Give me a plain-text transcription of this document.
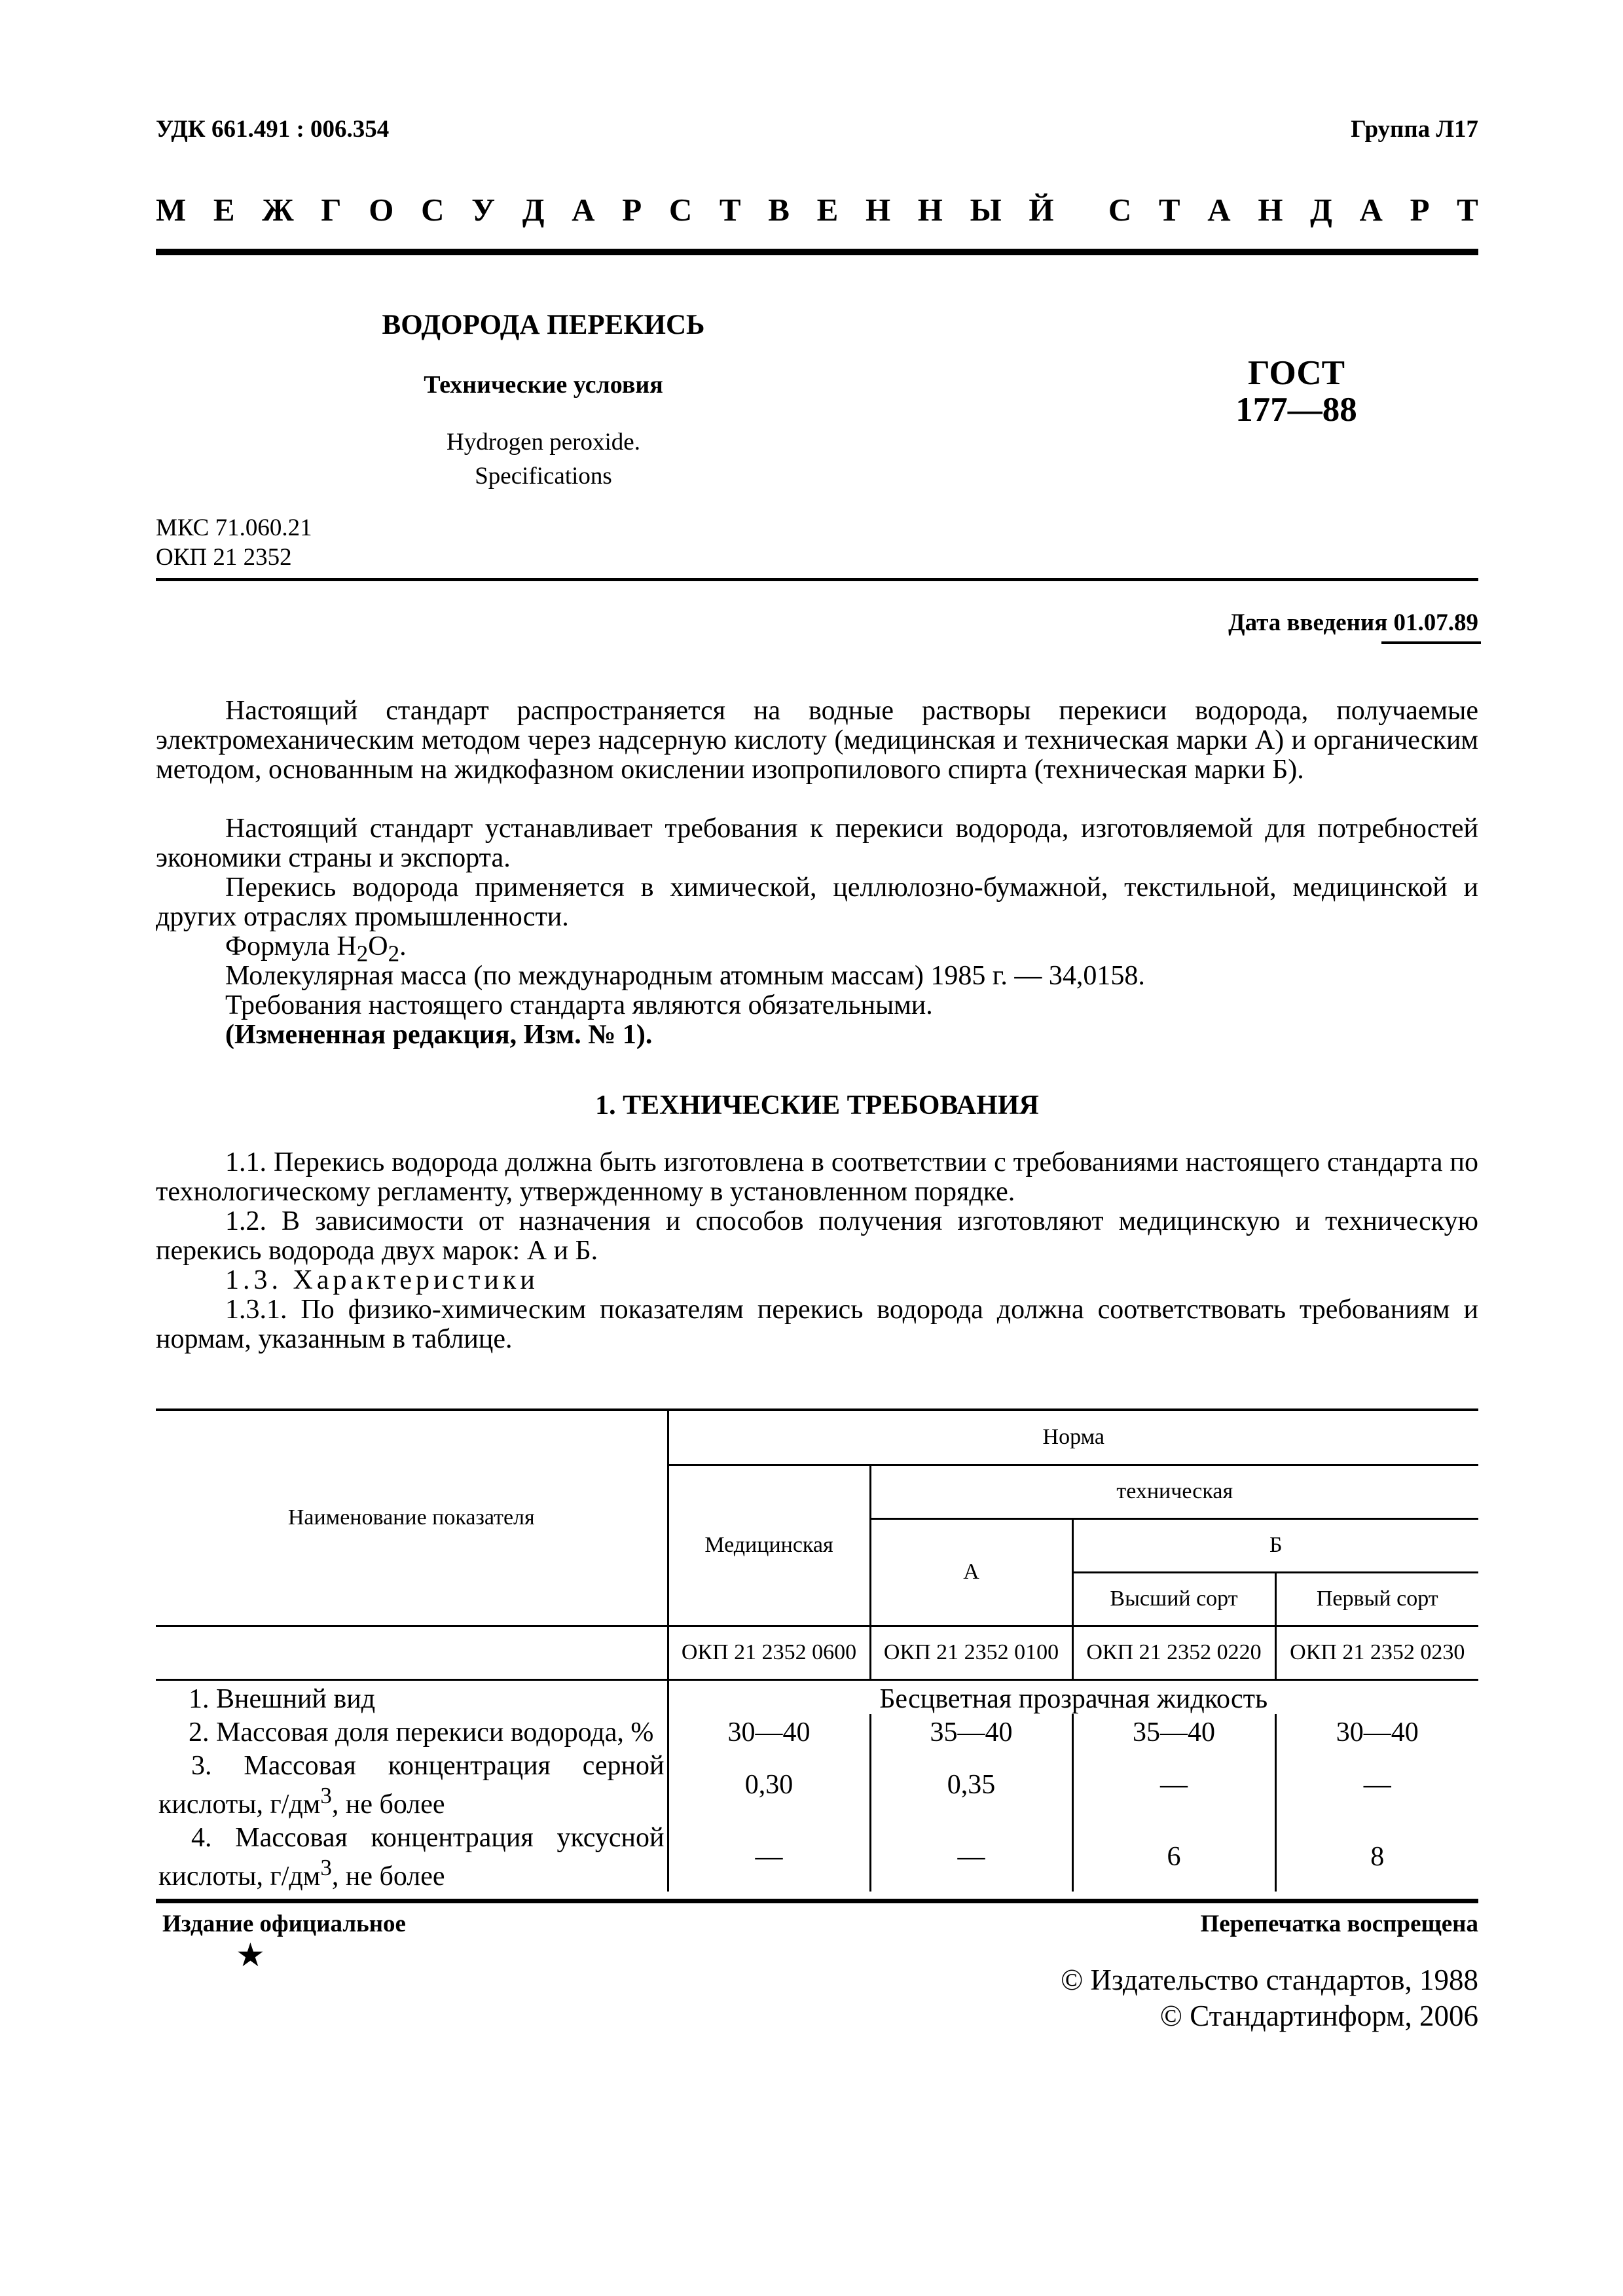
УДК 661.491 : 006.354	Группа Л17
М Е Ж Г О С У Д А Р С Т В Е Н Н Ы Й С Т А Н Д А Р Т
ВОДОРОДА ПЕРЕКИСЬ
Технические условия
Hydrogen peroxide.
Specifications
ГОСТ
177—88
МКС 71.060.21
ОКП 21 2352
Дата введения 01.07.89
Настоящий стандарт распространяется на водные растворы перекиси водорода, получаемые электромеханическим методом через надсерную кислоту (медицинская и техническая марки А) и органическим методом, основанным на жидкофазном окислении изопропилового спирта (техническая марки Б).
Настоящий стандарт устанавливает требования к перекиси водорода, изготовляемой для потребностей экономики страны и экспорта.
Перекись водорода применяется в химической, целлюлозно-бумажной, текстильной, медицинской и других отраслях промышленности.
Формула $H_2O_2$.
Молекулярная масса (по международным атомным массам) 1985 г. — 34,0158.
Требования настоящего стандарта являются обязательными.
(Измененная редакция, Изм. № 1).
1. ТЕХНИЧЕСКИЕ ТРЕБОВАНИЯ
1.1. Перекись водорода должна быть изготовлена в соответствии с требованиями настоящего стандарта по технологическому регламенту, утвержденному в установленном порядке.
1.2. В зависимости от назначения и способов получения изготовляют медицинскую и техническую перекись водорода двух марок: А и Б.
1.3. Характеристики
1.3.1. По физико-химическим показателям перекись водорода должна соответствовать требованиям и нормам, указанным в таблице.
Наименование показателя	Норма			
	Медицинская	техническая		
		А	Б	
			Высший сорт	Первый сорт
	ОКП 21 2352 0600	ОКП 21 2352 0100	ОКП 21 2352 0220	ОКП 21 2352 0230
1. Внешний вид	Бесцветная прозрачная жидкость			
2. Массовая доля перекиси водорода, %	30—40	35—40	35—40	30—40
3. Массовая концентрация серной кислоты, $г/дм^3$, не более	0,30	0,35	—	—
4. Массовая концентрация уксусной кислоты, $г/дм^3$, не более	—	—	6	8
Издание официальное
★
Перепечатка воспрещена
© Издательство стандартов, 1988
© Стандартинформ, 2006
